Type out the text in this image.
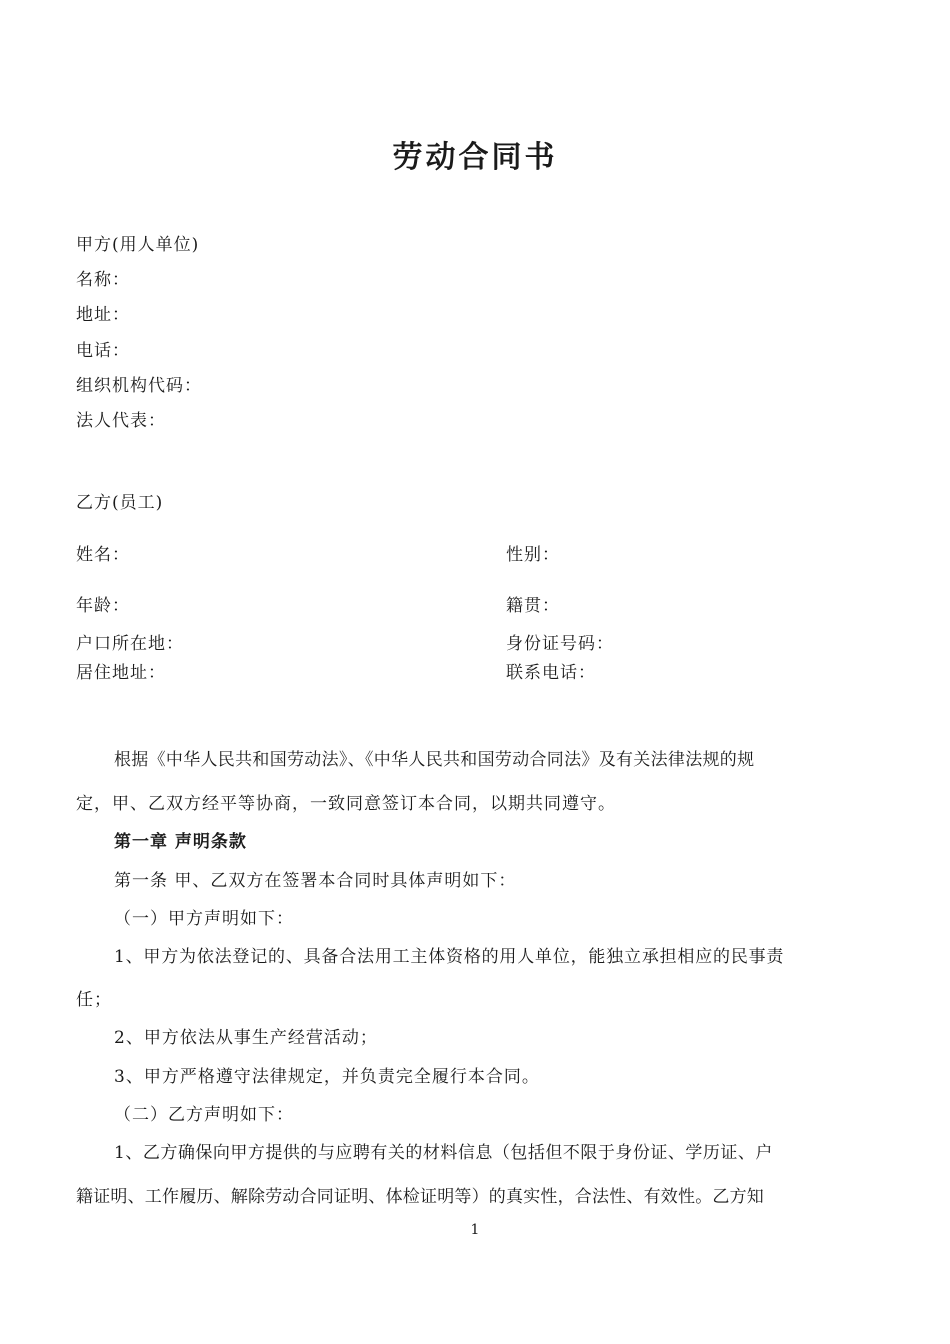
劳动合同书
甲方(用人单位)
名称：
地址：
电话：
组织机构代码：
法人代表：
乙方(员工)
姓名：	性别：
年龄：	籍贯：
户口所在地：	身份证号码：
居住地址：	联系电话：
根据《中华人民共和国劳动法》、《中华人民共和国劳动合同法》及有关法律法规的规
定，甲、乙双方经平等协商，一致同意签订本合同，以期共同遵守。
第一章 声明条款
第一条 甲、乙双方在签署本合同时具体声明如下：
（一）甲方声明如下：
1、甲方为依法登记的、具备合法用工主体资格的用人单位，能独立承担相应的民事责
任；
2、甲方依法从事生产经营活动；
3、甲方严格遵守法律规定，并负责完全履行本合同。
（二）乙方声明如下：
1、乙方确保向甲方提供的与应聘有关的材料信息（包括但不限于身份证、学历证、户
籍证明、工作履历、解除劳动合同证明、体检证明等）的真实性，合法性、有效性。乙方知
1
